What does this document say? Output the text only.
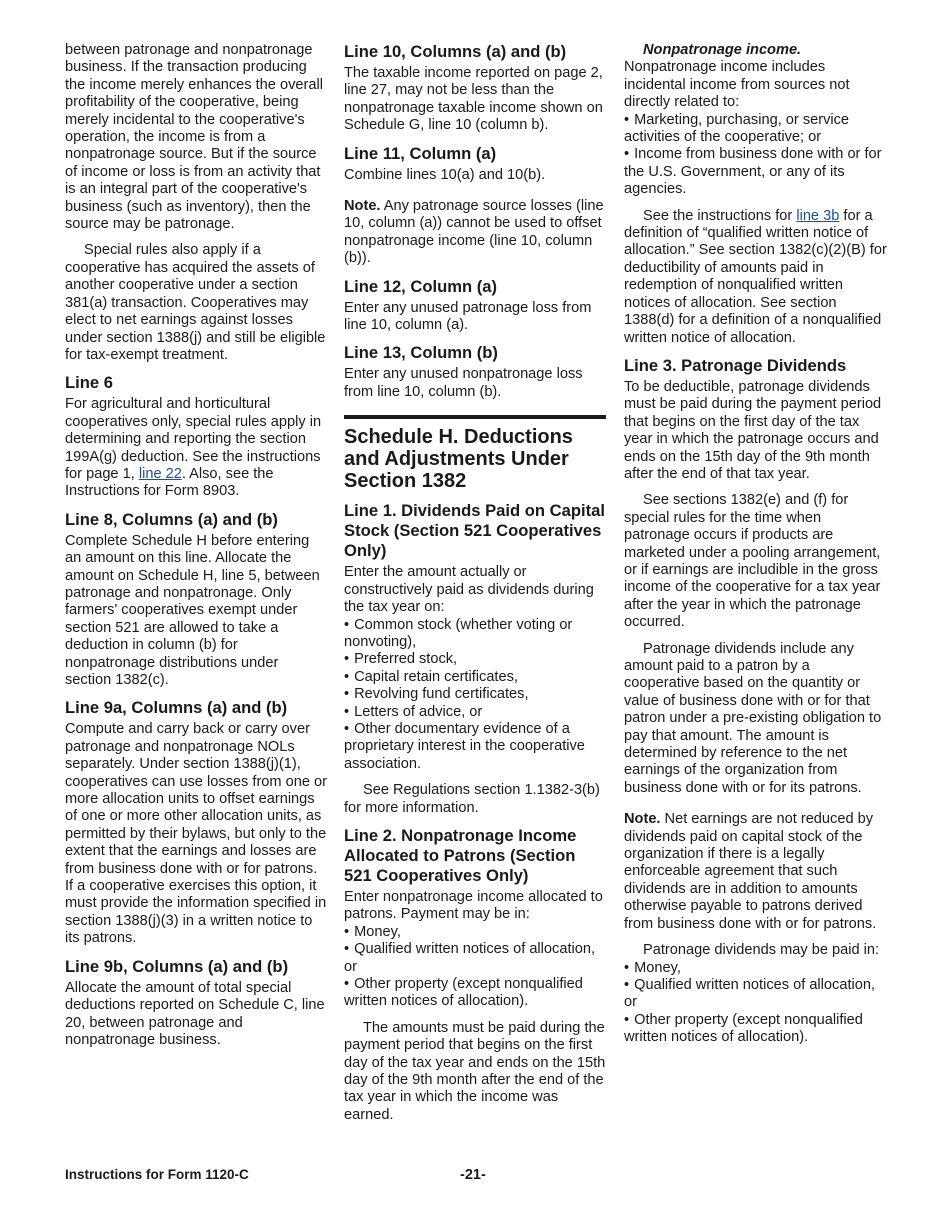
between patronage and nonpatronage business. If the transaction producing the income merely enhances the overall profitability of the cooperative, being merely incidental to the cooperative's operation, the income is from a nonpatronage source. But if the source of income or loss is from an activity that is an integral part of the cooperative's business (such as inventory), then the source may be patronage.

Special rules also apply if a cooperative has acquired the assets of another cooperative under a section 381(a) transaction. Cooperatives may elect to net earnings against losses under section 1388(j) and still be eligible for tax-exempt treatment.

Line 6

For agricultural and horticultural cooperatives only, special rules apply in determining and reporting the section 199A(g) deduction. See the instructions for page 1, line 22. Also, see the Instructions for Form 8903.

Line 8, Columns (a) and (b)

Complete Schedule H before entering an amount on this line. Allocate the amount on Schedule H, line 5, between patronage and nonpatronage. Only farmers' cooperatives exempt under section 521 are allowed to take a deduction in column (b) for nonpatronage distributions under section 1382(c).

Line 9a, Columns (a) and (b)

Compute and carry back or carry over patronage and nonpatronage NOLs separately. Under section 1388(j)(1), cooperatives can use losses from one or more allocation units to offset earnings of one or more other allocation units, as permitted by their bylaws, but only to the extent that the earnings and losses are from business done with or for patrons. If a cooperative exercises this option, it must provide the information specified in section 1388(j)(3) in a written notice to its patrons.

Line 9b, Columns (a) and (b)

Allocate the amount of total special deductions reported on Schedule C, line 20, between patronage and nonpatronage business.

Line 10, Columns (a) and (b)

The taxable income reported on page 2, line 27, may not be less than the nonpatronage taxable income shown on Schedule G, line 10 (column b).

Line 11, Column (a)

Combine lines 10(a) and 10(b).

Note. Any patronage source losses (line 10, column (a)) cannot be used to offset nonpatronage income (line 10, column (b)).

Line 12, Column (a)

Enter any unused patronage loss from line 10, column (a).

Line 13, Column (b)

Enter any unused nonpatronage loss from line 10, column (b).

Schedule H. Deductions and Adjustments Under Section 1382
Line 1. Dividends Paid on Capital Stock (Section 521 Cooperatives Only)

Enter the amount actually or constructively paid as dividends during the tax year on:

• Common stock (whether voting or nonvoting),
• Preferred stock,
• Capital retain certificates,
• Revolving fund certificates,
• Letters of advice, or
• Other documentary evidence of a proprietary interest in the cooperative association.

See Regulations section 1.1382-3(b) for more information.

Line 2. Nonpatronage Income Allocated to Patrons (Section 521 Cooperatives Only)

Enter nonpatronage income allocated to patrons. Payment may be in:

• Money,
• Qualified written notices of allocation, or
• Other property (except nonqualified written notices of allocation).

The amounts must be paid during the payment period that begins on the first day of the tax year and ends on the 15th day of the 9th month after the end of the tax year in which the income was earned.

Nonpatronage income.

Nonpatronage income includes incidental income from sources not directly related to:

• Marketing, purchasing, or service activities of the cooperative; or
• Income from business done with or for the U.S. Government, or any of its agencies.

See the instructions for line 3b for a definition of “qualified written notice of allocation.” See section 1382(c)(2)(B) for deductibility of amounts paid in redemption of nonqualified written notices of allocation. See section 1388(d) for a definition of a nonqualified written notice of allocation.

Line 3. Patronage Dividends

To be deductible, patronage dividends must be paid during the payment period that begins on the first day of the tax year in which the patronage occurs and ends on the 15th day of the 9th month after the end of that tax year.

See sections 1382(e) and (f) for special rules for the time when patronage occurs if products are marketed under a pooling arrangement, or if earnings are includible in the gross income of the cooperative for a tax year after the year in which the patronage occurred.

Patronage dividends include any amount paid to a patron by a cooperative based on the quantity or value of business done with or for that patron under a pre-existing obligation to pay that amount. The amount is determined by reference to the net earnings of the organization from business done with or for its patrons.

Note. Net earnings are not reduced by dividends paid on capital stock of the organization if there is a legally enforceable agreement that such dividends are in addition to amounts otherwise payable to patrons derived from business done with or for patrons.

Patronage dividends may be paid in:

• Money,
• Qualified written notices of allocation, or
• Other property (except nonqualified written notices of allocation).
Instructions for Form 1120-C	-21-
